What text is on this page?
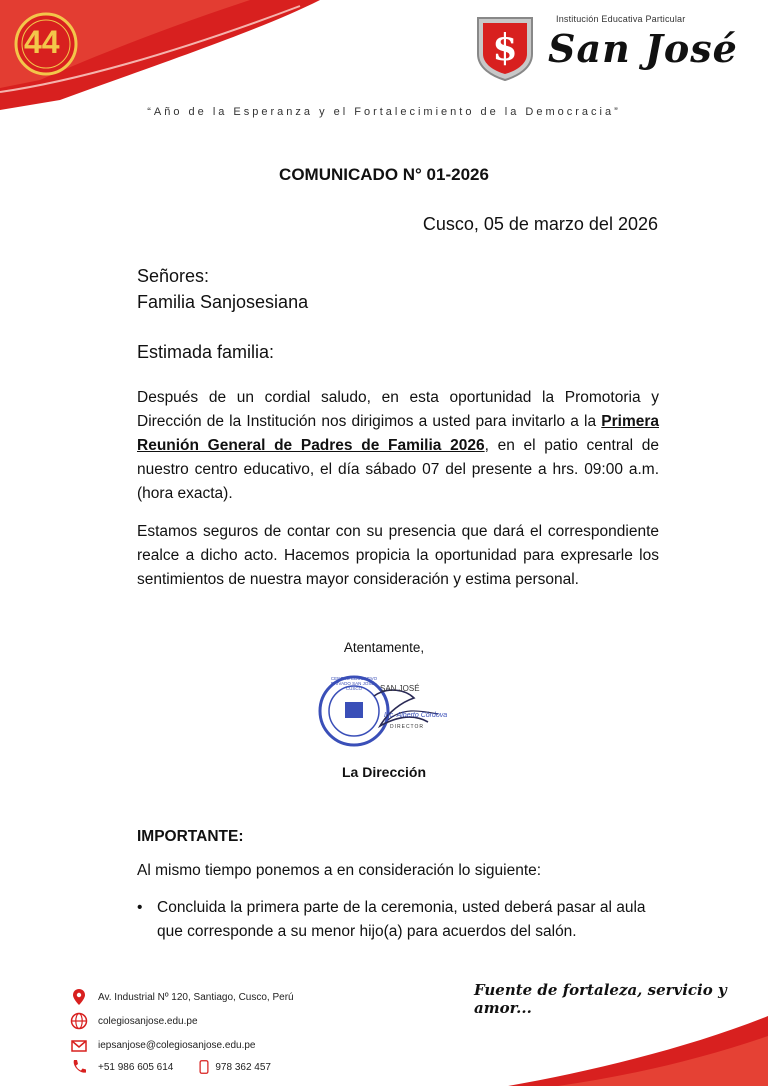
44	$
Institución Educativa Particular
San José
“Año de la Esperanza y el Fortalecimiento de la Democracia”
COMUNICADO N° 01-2026
Cusco, 05 de marzo del 2026
Señores:
Familia Sanjosesiana
Estimada familia:
Después de un cordial saludo, en esta oportunidad la Promotoria y Dirección de la Institución nos dirigimos a usted para invitarlo a la Primera Reunión General de Padres de Familia 2026, en el patio central de nuestro centro educativo, el día sábado 07 del presente a hrs. 09:00 a.m. (hora exacta).
Estamos seguros de contar con su presencia que dará el correspondiente realce a dicho acto. Hacemos propicia la oportunidad para expresarle los sentimientos de nuestra mayor consideración y estima personal.
Atentamente,
CENTRO EDUCATIVO PRIVADO SAN JOSÉ - CUSCO	SAN JOSÉ
Lic. Alberto Córdova
DIRECTOR
La Dirección
IMPORTANTE:
Al mismo tiempo ponemos a en consideración lo siguiente:
• Concluida la primera parte de la ceremonia, usted deberá pasar al aula que corresponde a su menor hijo(a) para acuerdos del salón.
Fuente de fortaleza, servicio y amor...
Av. Industrial Nº 120, Santiago, Cusco, Perú
colegiosanjose.edu.pe
iepsanjose@colegiosanjose.edu.pe
+51 986 605 614	978 362 457
